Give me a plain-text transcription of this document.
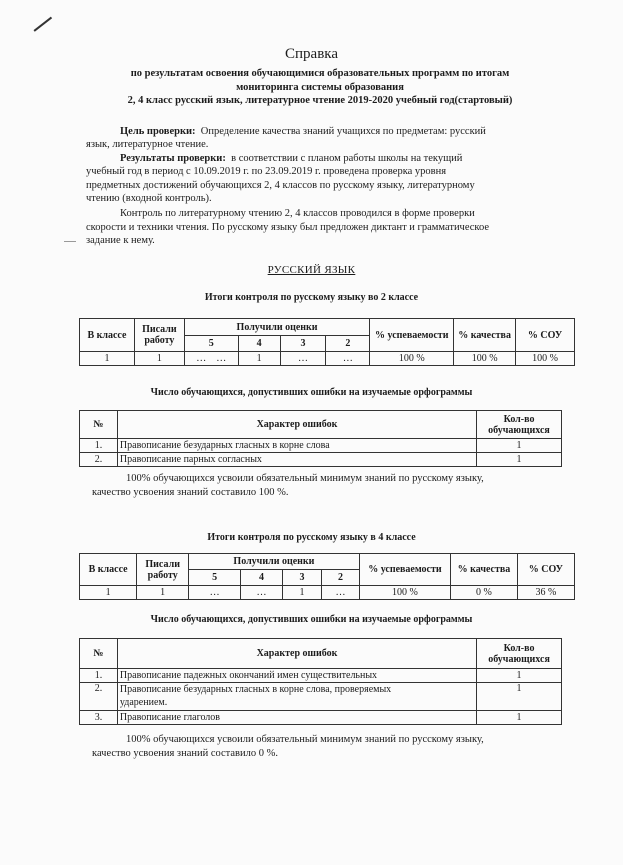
Справка
по результатам освоения обучающимися образовательных программ по итогам
мониторинга системы образования
2, 4 класс русский язык, литературное чтение 2019-2020 учебный год(стартовый)
Цель проверки: Определение качества знаний учащихся по предметам: русский
язык, литературное чтение.
Результаты проверки: в соответствии с планом работы школы на текущий
учебный год в период с 10.09.2019 г. по 23.09.2019 г. проведена проверка уровня
предметных достижений обучающихся 2, 4 классов по русскому языку, литературному
чтению (входной контроль).
Контроль по литературному чтению 2, 4 классов проводился в форме проверки
скорости и техники чтения. По русскому языку был предложен диктант и грамматическое
задание к нему.
РУССКИЙ ЯЗЫК
Итоги контроля по русскому языку во 2 классе
В классе	Писали работу	Получили оценки				% успеваемости	% качества	% СОУ
		5	4	3	2			
1	1	… …	1	…	…	100 %	100 %	100 %
Число обучающихся, допустивших ошибки на изучаемые орфограммы
№	Характер ошибок	Кол-во обучающихся
1.	Правописание безударных гласных в корне слова	1
2.	Правописание парных согласных	1
100% обучающихся усвоили обязательный минимум знаний по русскому языку,
качество усвоения знаний составило 100 %.
Итоги контроля по русскому языку в 4 классе
В классе	Писали работу	Получили оценки				% успеваемости	% качества	% СОУ
		5	4	3	2			
1	1	…	…	1	…	100 %	0 %	36 %
Число обучающихся, допустивших ошибки на изучаемые орфограммы
№	Характер ошибок	Кол-во обучающихся
1.	Правописание падежных окончаний имен существительных	1
2.	Правописание безударных гласных в корне слова, проверяемых ударением.	1
3.	Правописание глаголов	1
100% обучающихся усвоили обязательный минимум знаний по русскому языку,
качество усвоения знаний составило 0 %.
